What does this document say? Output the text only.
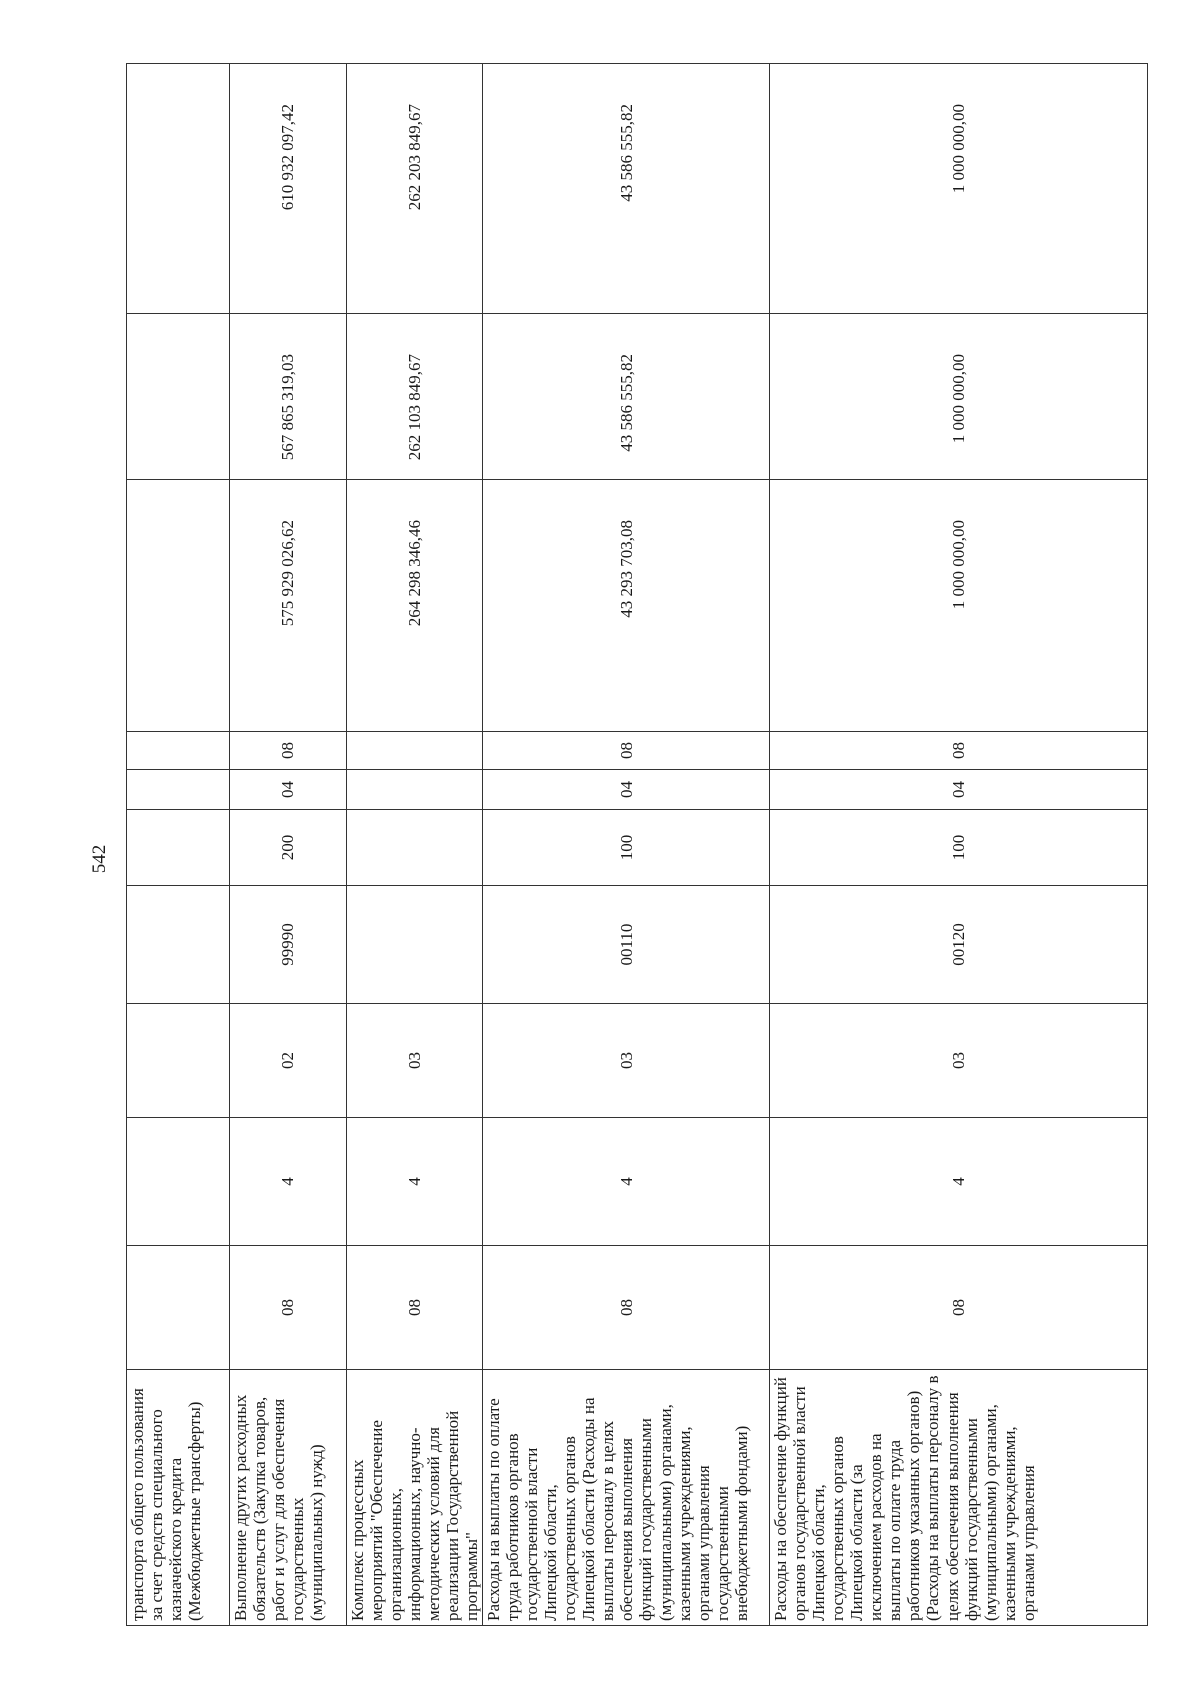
542
транспорта общего пользования за счет средств специального казначейского кредита (Межбюджетные трансферты)										
Выполнение других расходных обязательств (Закупка товаров, работ и услуг для обеспечения государственных (муниципальных) нужд)	08	4	02	99990	200	04	08	575 929 026,62	567 865 319,03	610 932 097,42
Комплекс процессных мероприятий "Обеспечение организационных, информационных, научно-методических условий для реализации Государственной программы"	08	4	03					264 298 346,46	262 103 849,67	262 203 849,67
Расходы на выплаты по оплате труда работников органов государственной власти Липецкой области, государственных органов Липецкой области (Расходы на выплаты персоналу в целях обеспечения выполнения функций государственными (муниципальными) органами, казенными учреждениями, органами управления государственными внебюджетными фондами)	08	4	03	00110	100	04	08	43 293 703,08	43 586 555,82	43 586 555,82
Расходы на обеспечение функций органов государственной власти Липецкой области, государственных органов Липецкой области (за исключением расходов на выплаты по оплате труда работников указанных органов) (Расходы на выплаты персоналу в целях обеспечения выполнения функций государственными (муниципальными) органами, казенными учреждениями, органами управления	08	4	03	00120	100	04	08	1 000 000,00	1 000 000,00	1 000 000,00
